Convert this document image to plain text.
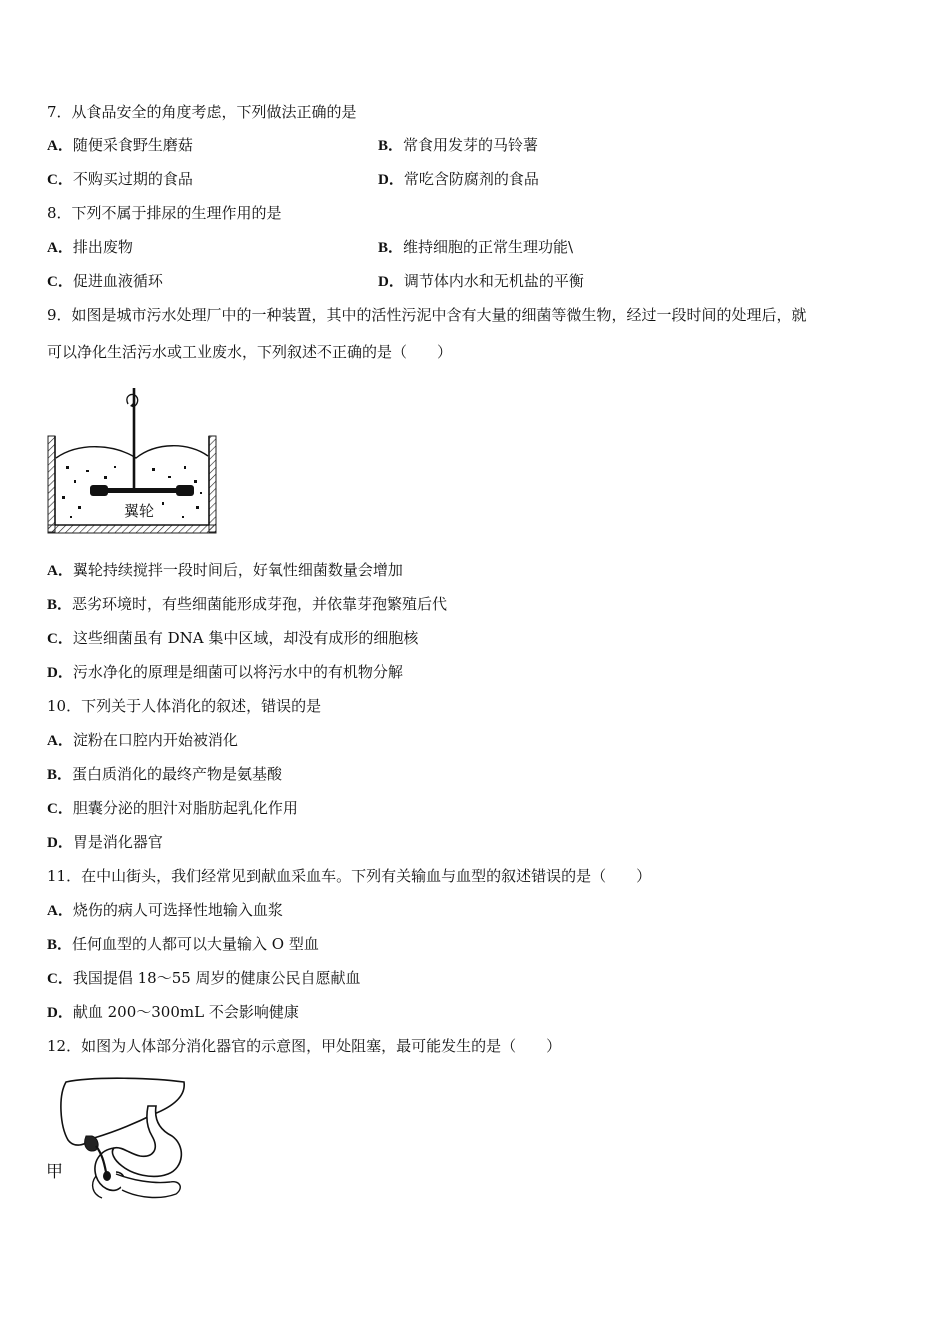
7．从食品安全的角度考虑，下列做法正确的是
A．随便采食野生磨菇	B．常食用发芽的马铃薯
C．不购买过期的食品	D．常吃含防腐剂的食品
8．下列不属于排尿的生理作用的是
A．排出废物	B．维持细胞的正常生理功能\
C．促进血液循环	D．调节体内水和无机盐的平衡
9．如图是城市污水处理厂中的一种装置，其中的活性污泥中含有大量的细菌等微生物，经过一段时间的处理后，就
可以净化生活污水或工业废水，下列叙述不正确的是（　　）
翼轮
A．翼轮持续搅拌一段时间后，好氧性细菌数量会增加
B．恶劣环境时，有些细菌能形成芽孢，并依靠芽孢繁殖后代
C．这些细菌虽有 DNA 集中区域，却没有成形的细胞核
D．污水净化的原理是细菌可以将污水中的有机物分解
10．下列关于人体消化的叙述，错误的是
A．淀粉在口腔内开始被消化
B．蛋白质消化的最终产物是氨基酸
C．胆囊分泌的胆汁对脂肪起乳化作用
D．胃是消化器官
11．在中山街头，我们经常见到献血采血车。下列有关输血与血型的叙述错误的是（　　）
A．烧伤的病人可选择性地输入血浆
B．任何血型的人都可以大量输入 O 型血
C．我国提倡 18～55 周岁的健康公民自愿献血
D．献血 200～300mL 不会影响健康
12．如图为人体部分消化器官的示意图，甲处阻塞，最可能发生的是（　　）
甲
